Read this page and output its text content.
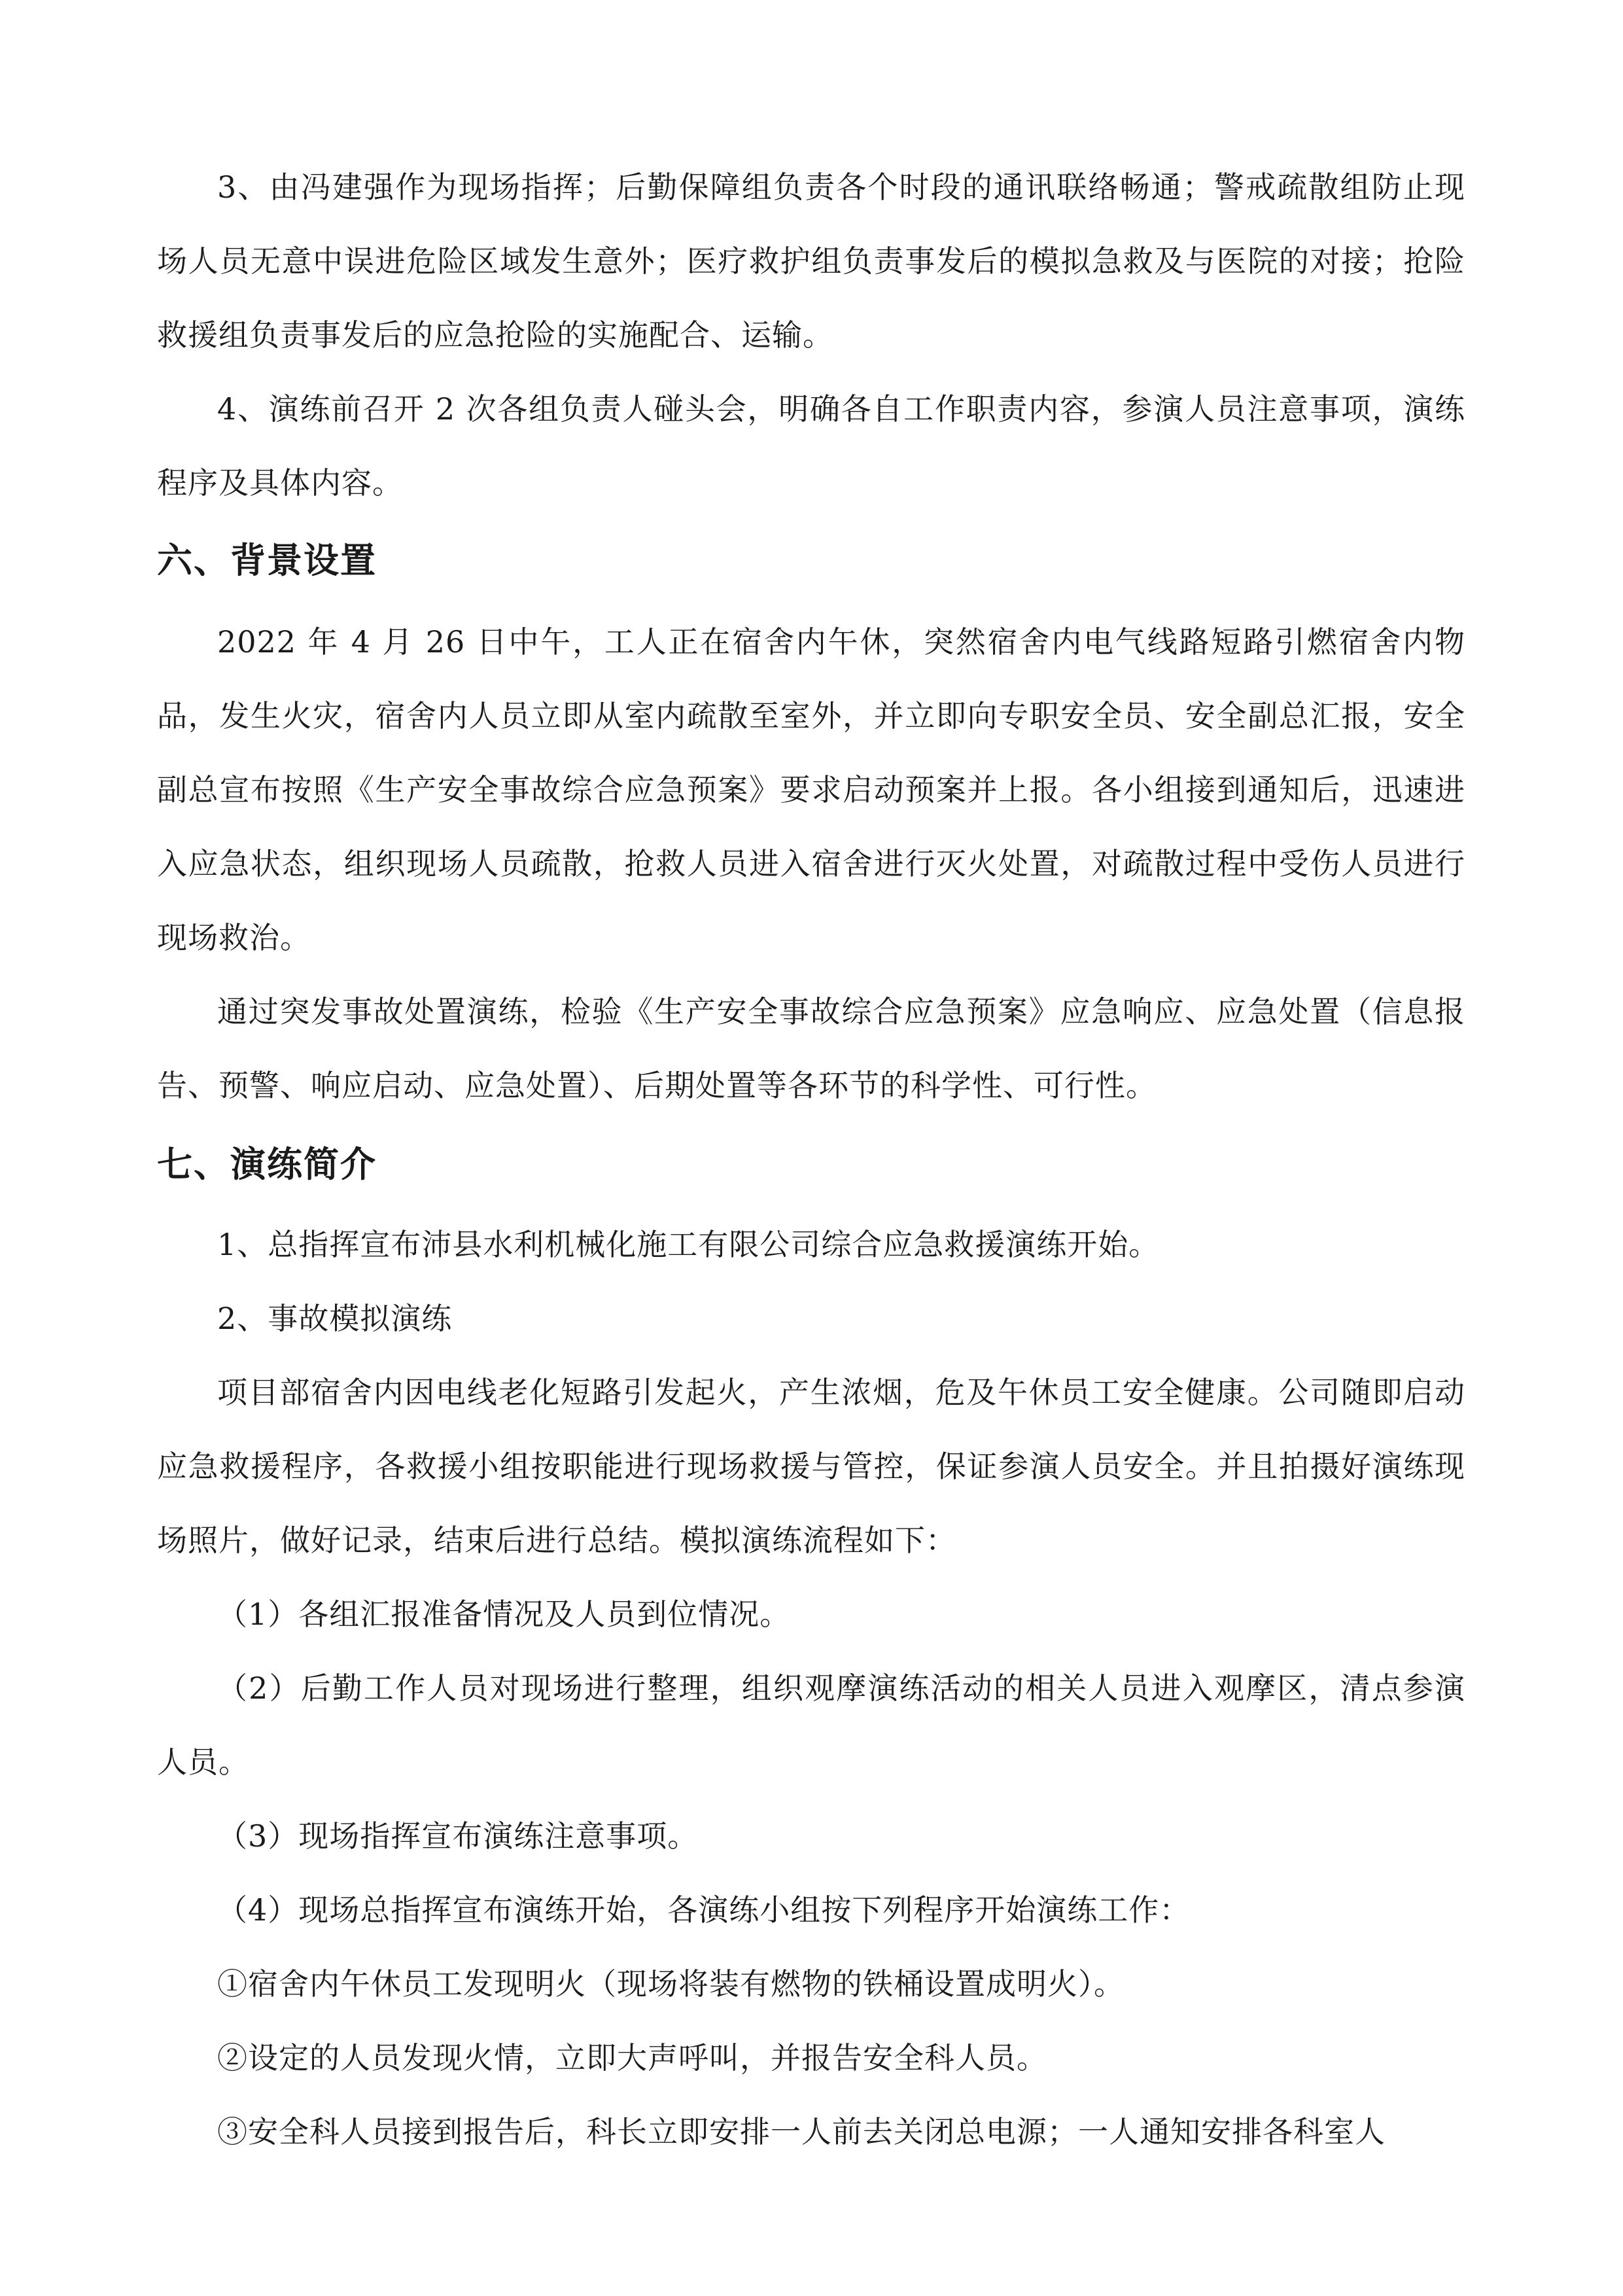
3、由冯建强作为现场指挥；后勤保障组负责各个时段的通讯联络畅通；警戒疏散组防止现场人员无意中误进危险区域发生意外；医疗救护组负责事发后的模拟急救及与医院的对接；抢险救援组负责事发后的应急抢险的实施配合、运输。

4、演练前召开 2 次各组负责人碰头会，明确各自工作职责内容，参演人员注意事项，演练程序及具体内容。

六、背景设置

2022 年 4 月 26 日中午，工人正在宿舍内午休，突然宿舍内电气线路短路引燃宿舍内物品，发生火灾，宿舍内人员立即从室内疏散至室外，并立即向专职安全员、安全副总汇报，安全副总宣布按照《生产安全事故综合应急预案》要求启动预案并上报。各小组接到通知后，迅速进入应急状态，组织现场人员疏散，抢救人员进入宿舍进行灭火处置，对疏散过程中受伤人员进行现场救治。

通过突发事故处置演练，检验《生产安全事故综合应急预案》应急响应、应急处置（信息报告、预警、响应启动、应急处置）、后期处置等各环节的科学性、可行性。

七、演练简介

1、总指挥宣布沛县水利机械化施工有限公司综合应急救援演练开始。

2、事故模拟演练

项目部宿舍内因电线老化短路引发起火，产生浓烟，危及午休员工安全健康。公司随即启动应急救援程序，各救援小组按职能进行现场救援与管控，保证参演人员安全。并且拍摄好演练现场照片，做好记录，结束后进行总结。模拟演练流程如下：

（1）各组汇报准备情况及人员到位情况。

（2）后勤工作人员对现场进行整理，组织观摩演练活动的相关人员进入观摩区，清点参演人员。

（3）现场指挥宣布演练注意事项。

（4）现场总指挥宣布演练开始，各演练小组按下列程序开始演练工作：

①宿舍内午休员工发现明火（现场将装有燃物的铁桶设置成明火）。

②设定的人员发现火情，立即大声呼叫，并报告安全科人员。

③安全科人员接到报告后，科长立即安排一人前去关闭总电源；一人通知安排各科室人
